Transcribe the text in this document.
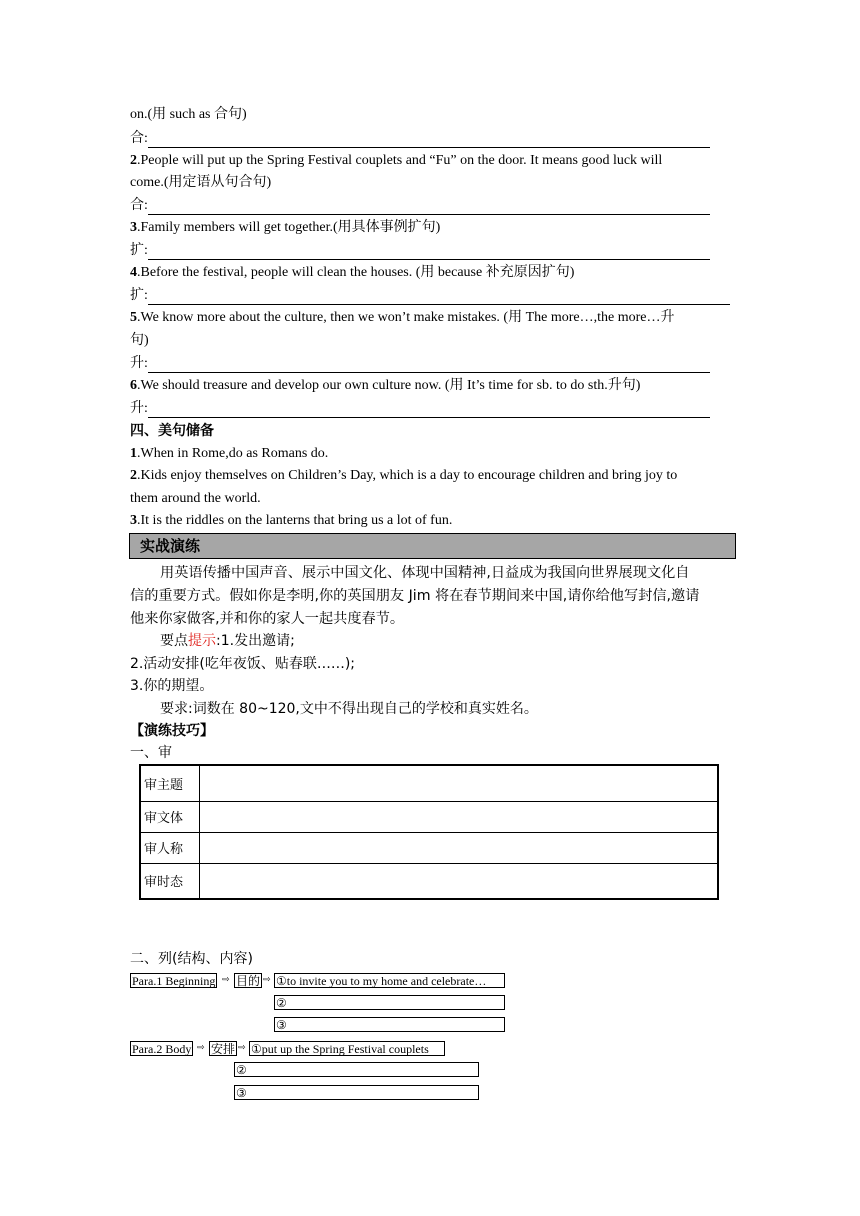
on.(用 such as 合句)
合:
2.People will put up the Spring Festival couplets and “Fu” on the door. It means good luck will
come.(用定语从句合句)
合:
3.Family members will get together.(用具体事例扩句)
扩:
4.Before the festival, people will clean the houses. (用 because 补充原因扩句)
扩:
5.We know more about the culture, then we won’t make mistakes. (用 The more…,the more…升
句)
升:
6.We should treasure and develop our own culture now. (用 It’s time for sb. to do sth.升句)
升:
四、美句储备
1.When in Rome,do as Romans do.
2.Kids enjoy themselves on Children’s Day, which is a day to encourage children and bring joy to
them around the world.
3.It is the riddles on the lanterns that bring us a lot of fun.
实战演练
用英语传播中国声音、展示中国文化、体现中国精神,日益成为我国向世界展现文化自
信的重要方式。假如你是李明,你的英国朋友 Jim 将在春节期间来中国,请你给他写封信,邀请
他来你家做客,并和你的家人一起共度春节。
要点提示:1.发出邀请;
2.活动安排(吃年夜饭、贴春联……);
3.你的期望。
要求:词数在 80~120,文中不得出现自己的学校和真实姓名。
【演练技巧】
一、审
审主题	
审文体	
审人称	
审时态	
二、列(结构、内容)
Para.1 Beginning ⇨ 目的 ⇨ ①to invite you to my home and celebrate…
②
③
Para.2 Body ⇨ 安排 ⇨ ①put up the Spring Festival couplets
②
③
